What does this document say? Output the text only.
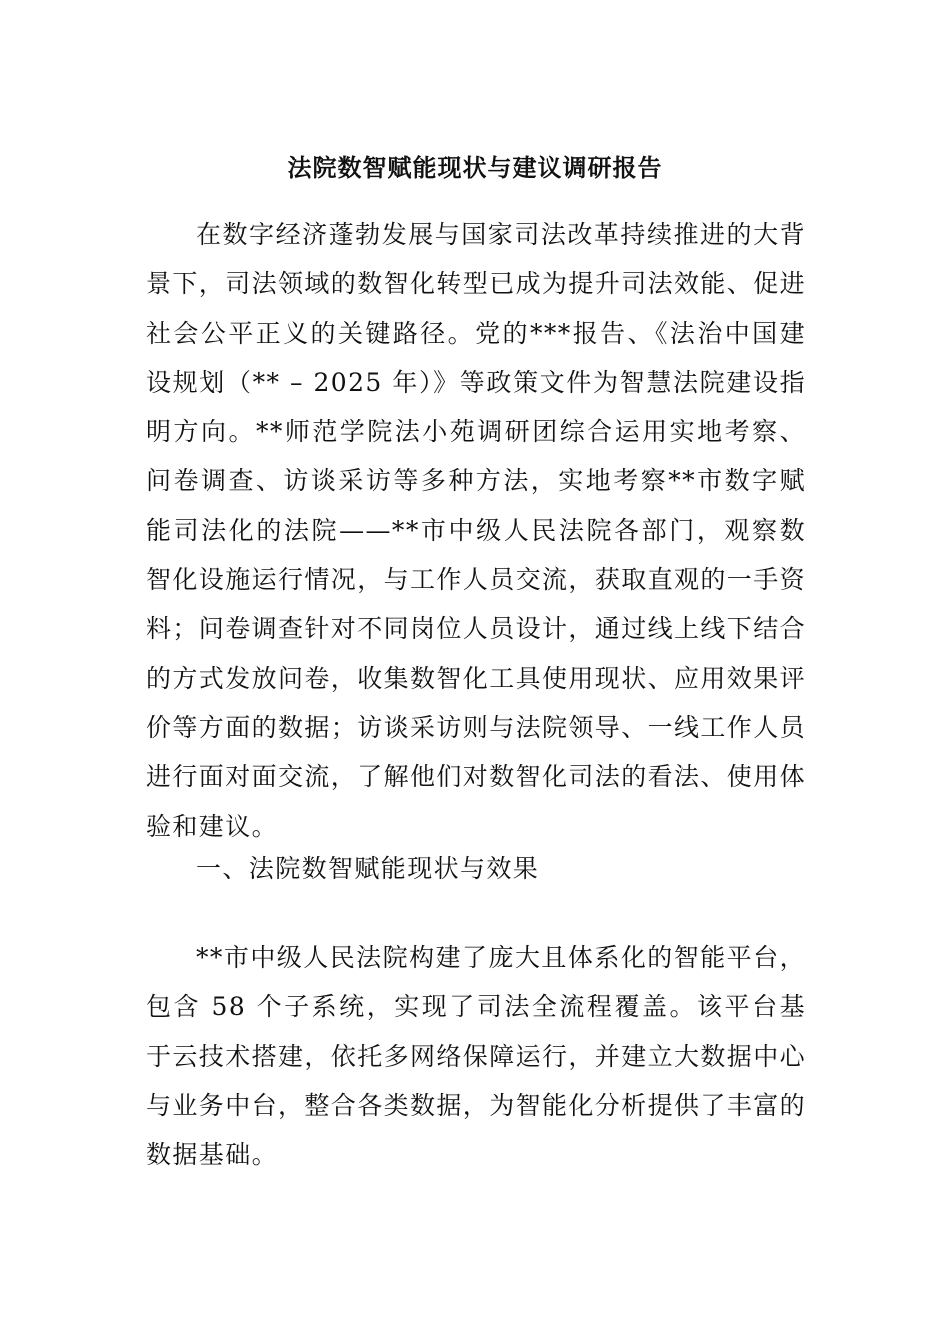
法院数智赋能现状与建议调研报告

在数字经济蓬勃发展与国家司法改革持续推进的大背景下，司法领域的数智化转型已成为提升司法效能、促进社会公平正义的关键路径。党的***报告、《法治中国建设规划（** – 2025 年）》等政策文件为智慧法院建设指明方向。**师范学院法小苑调研团综合运用实地考察、问卷调查、访谈采访等多种方法，实地考察**市数字赋能司法化的法院——**市中级人民法院各部门，观察数智化设施运行情况，与工作人员交流，获取直观的一手资料；问卷调查针对不同岗位人员设计，通过线上线下结合的方式发放问卷，收集数智化工具使用现状、应用效果评价等方面的数据；访谈采访则与法院领导、一线工作人员进行面对面交流，了解他们对数智化司法的看法、使用体验和建议。

一、法院数智赋能现状与效果

**市中级人民法院构建了庞大且体系化的智能平台，包含 58 个子系统，实现了司法全流程覆盖。该平台基于云技术搭建，依托多网络保障运行，并建立大数据中心与业务中台，整合各类数据，为智能化分析提供了丰富的数据基础。
